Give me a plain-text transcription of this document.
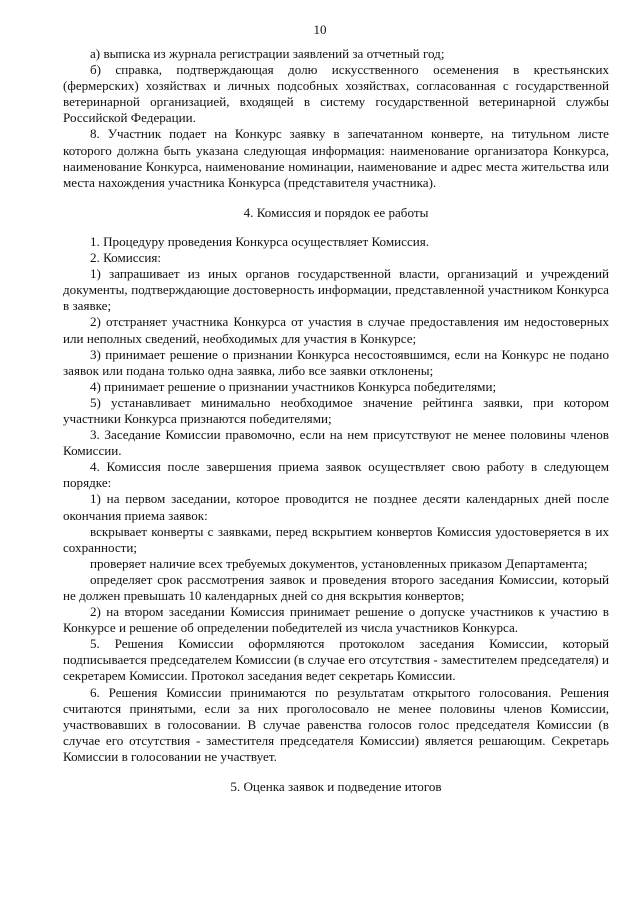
10

а) выписка из журнала регистрации заявлений за отчетный год;

б) справка, подтверждающая долю искусственного осеменения в крестьянских (фермерских) хозяйствах и личных подсобных хозяйствах, согласованная с государственной ветеринарной организацией, входящей в систему государственной ветеринарной службы Российской Федерации.

8. Участник подает на Конкурс заявку в запечатанном конверте, на титульном листе которого должна быть указана следующая информация: наименование организатора Конкурса, наименование Конкурса, наименование номинации, наименование и адрес места жительства или места нахождения участника Конкурса (представителя участника).

4. Комиссия и порядок ее работы

1. Процедуру проведения Конкурса осуществляет Комиссия.

2. Комиссия:

1) запрашивает из иных органов государственной власти, организаций и учреждений документы, подтверждающие достоверность информации, представленной участником Конкурса в заявке;

2) отстраняет участника Конкурса от участия в случае предоставления им недостоверных или неполных сведений, необходимых для участия в Конкурсе;

3) принимает решение о признании Конкурса несостоявшимся, если на Конкурс не подано заявок или подана только одна заявка, либо все заявки отклонены;

4) принимает решение о признании участников Конкурса победителями;

5) устанавливает минимально необходимое значение рейтинга заявки, при котором участники Конкурса признаются победителями;

3. Заседание Комиссии правомочно, если на нем присутствуют не менее половины членов Комиссии.

4. Комиссия после завершения приема заявок осуществляет свою работу в следующем порядке:

1) на первом заседании, которое проводится не позднее десяти календарных дней после окончания приема заявок:

вскрывает конверты с заявками, перед вскрытием конвертов Комиссия удостоверяется в их сохранности;

проверяет наличие всех требуемых документов, установленных приказом Департамента;

определяет срок рассмотрения заявок и проведения второго заседания Комиссии, который не должен превышать 10 календарных дней со дня вскрытия конвертов;

2) на втором заседании Комиссия принимает решение о допуске участников к участию в Конкурсе и решение об определении победителей из числа участников Конкурса.

5. Решения Комиссии оформляются протоколом заседания Комиссии, который подписывается председателем Комиссии (в случае его отсутствия - заместителем председателя) и секретарем Комиссии. Протокол заседания ведет секретарь Комиссии.

6. Решения Комиссии принимаются по результатам открытого голосования. Решения считаются принятыми, если за них проголосовало не менее половины членов Комиссии, участвовавших в голосовании. В случае равенства голосов голос председателя Комиссии (в случае его отсутствия - заместителя председателя Комиссии) является решающим. Секретарь Комиссии в голосовании не участвует.

5. Оценка заявок и подведение итогов
